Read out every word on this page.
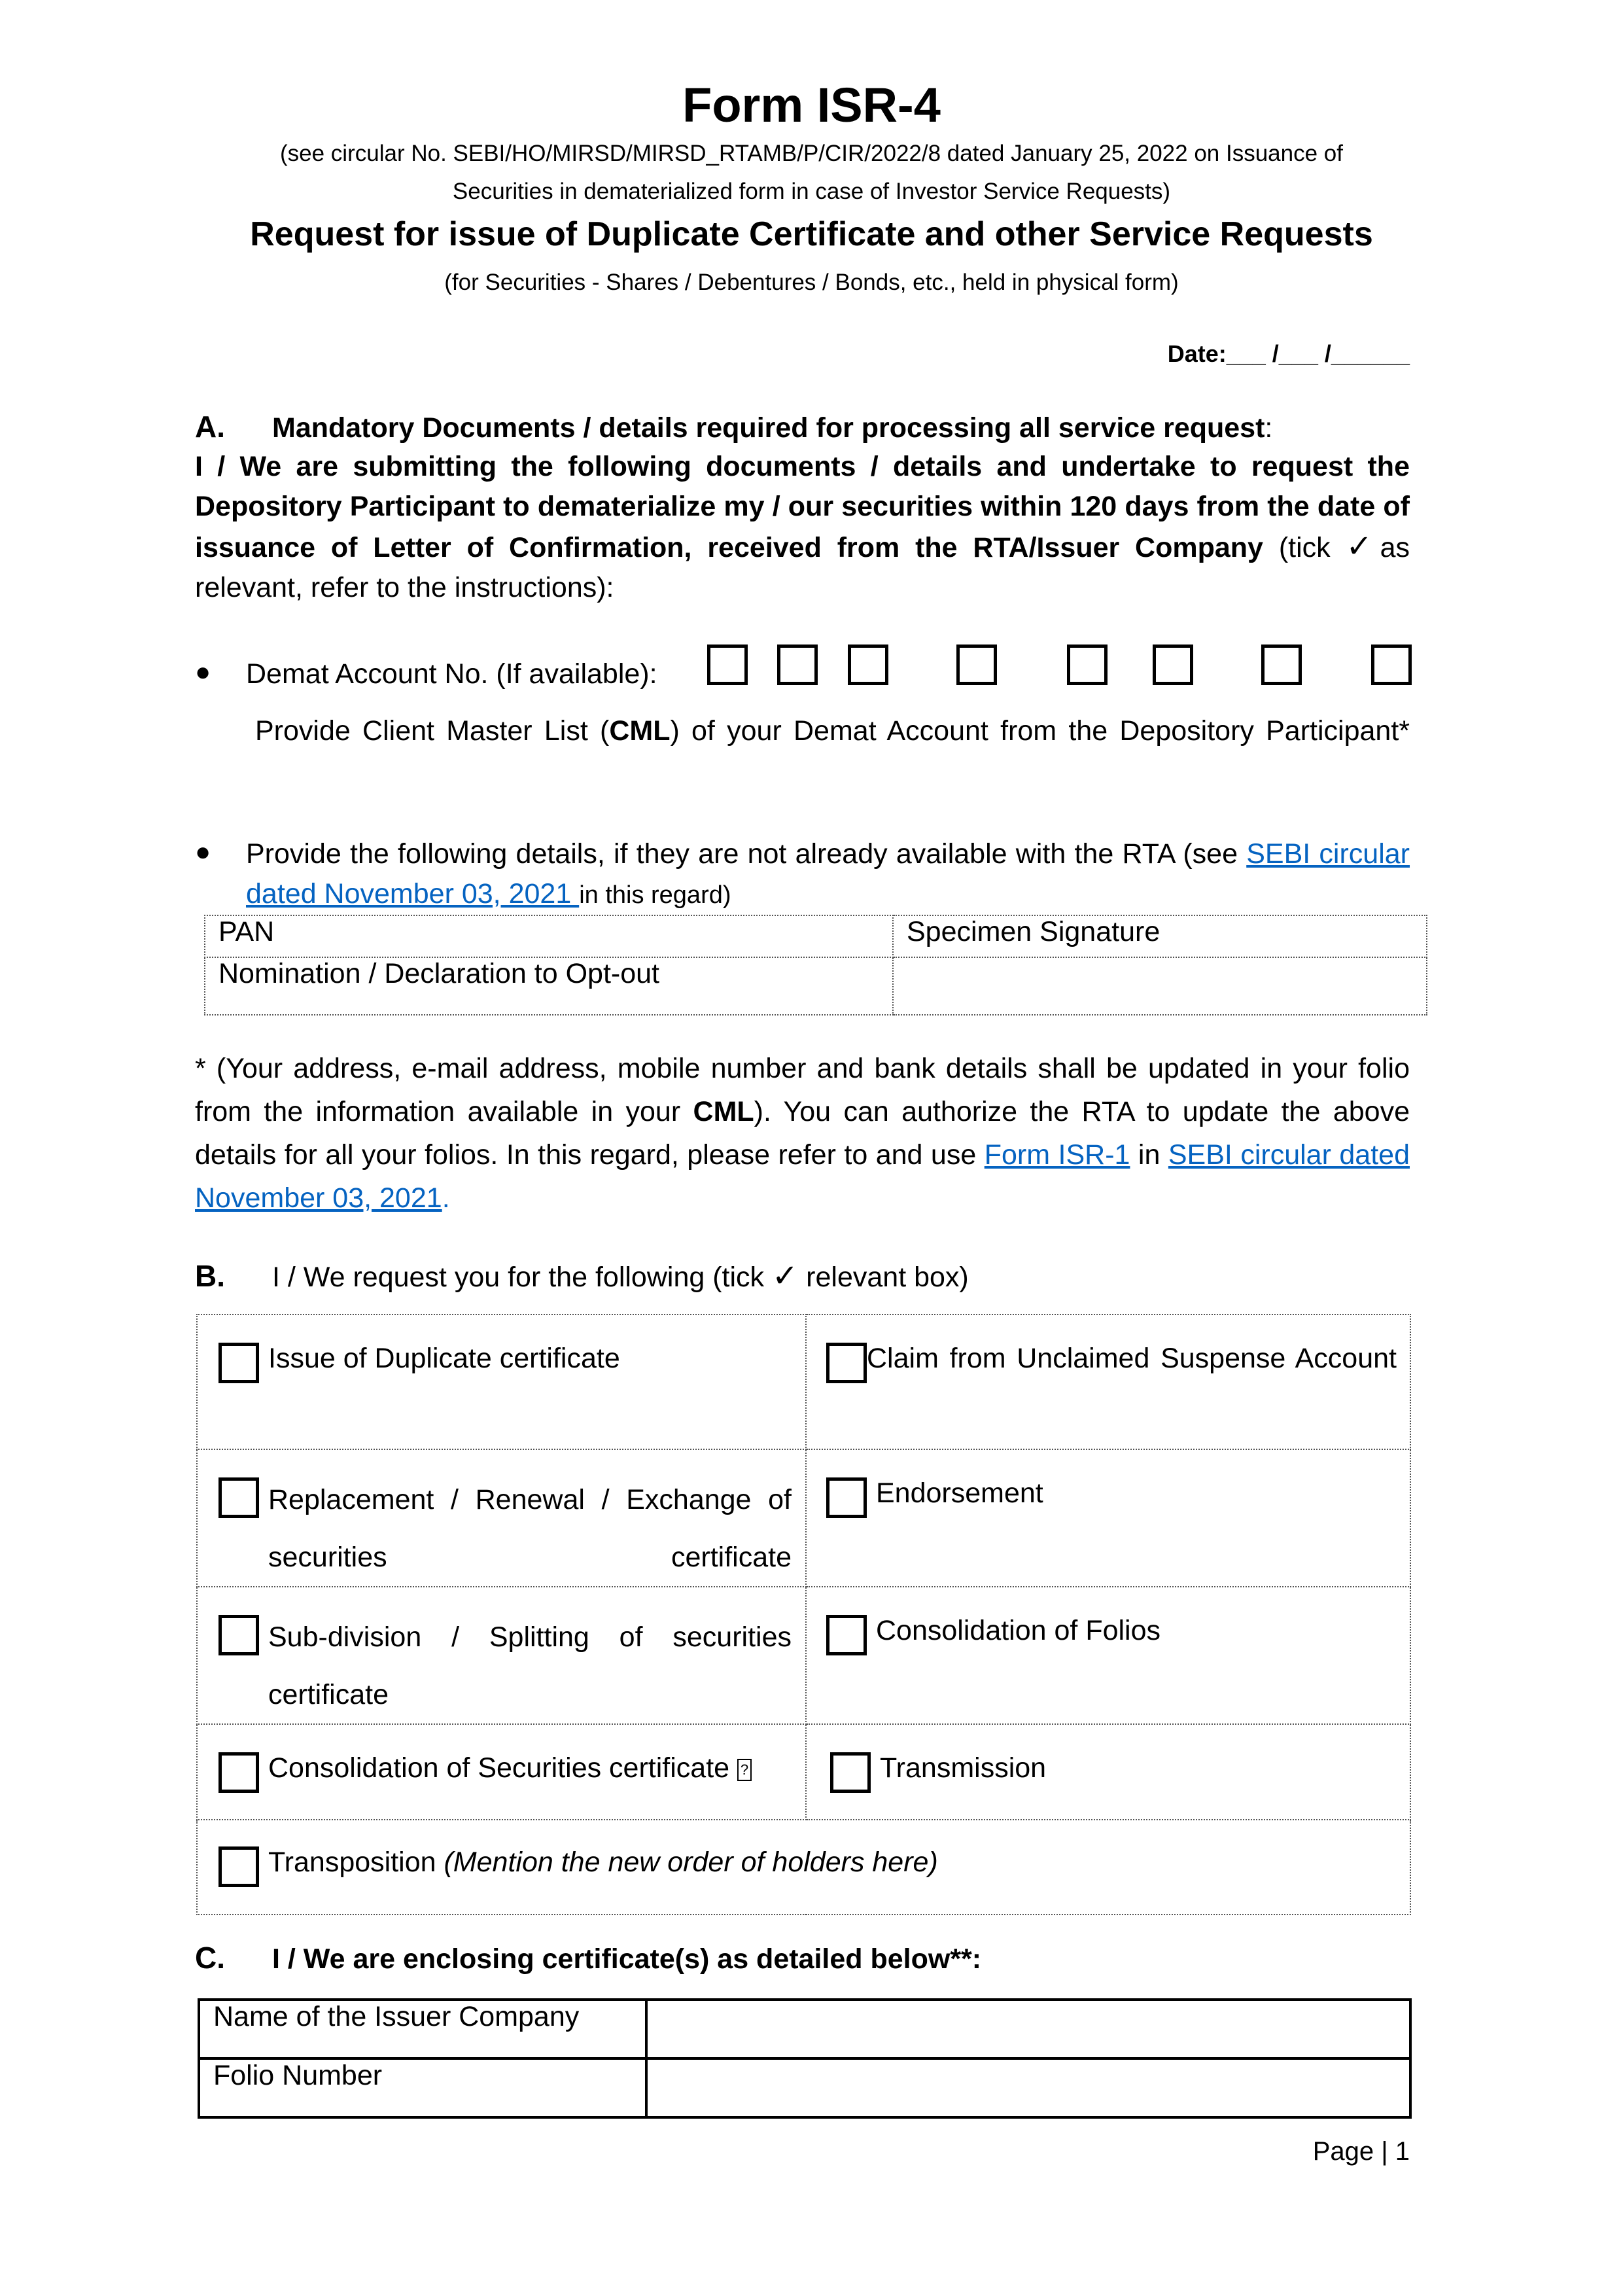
Form ISR-4
(see circular No. SEBI/HO/MIRSD/MIRSD_RTAMB/P/CIR/2022/8 dated January 25, 2022 on Issuance of
Securities in dematerialized form in case of Investor Service Requests)
Request for issue of Duplicate Certificate and other Service Requests
(for Securities - Shares / Debentures / Bonds, etc., held in physical form)
Date:___ /___ /______
A. Mandatory Documents / details required for processing all service request:
I / We are submitting the following documents / details and undertake to request the Depository Participant to dematerialize my / our securities within 120 days from the date of issuance of Letter of Confirmation, received from the RTA/Issuer Company (tick ✓as relevant, refer to the instructions):
● Demat Account No. (If available):
Provide Client Master List (CML) of your Demat Account from the Depository Participant*
● Provide the following details, if they are not already available with the RTA (see SEBI circular dated November 03, 2021 in this regard)
PAN	Specimen Signature
Nomination / Declaration to Opt-out	
* (Your address, e-mail address, mobile number and bank details shall be updated in your folio from the information available in your CML). You can authorize the RTA to update the above details for all your folios. In this regard, please refer to and use Form ISR-1 in SEBI circular dated November 03, 2021.
B. I / We request you for the following (tick ✓ relevant box)
Issue of Duplicate certificate	Claim from Unclaimed Suspense Account

Replacement / Renewal / Exchange of securities certificate	Endorsement

Sub-division / Splitting of securities certificate	Consolidation of Folios

Consolidation of Securities certificate ?	Transmission

Transposition (Mention the new order of holders here)	
C. I / We are enclosing certificate(s) as detailed below**:
Name of the Issuer Company	
Folio Number	
Page | 1
